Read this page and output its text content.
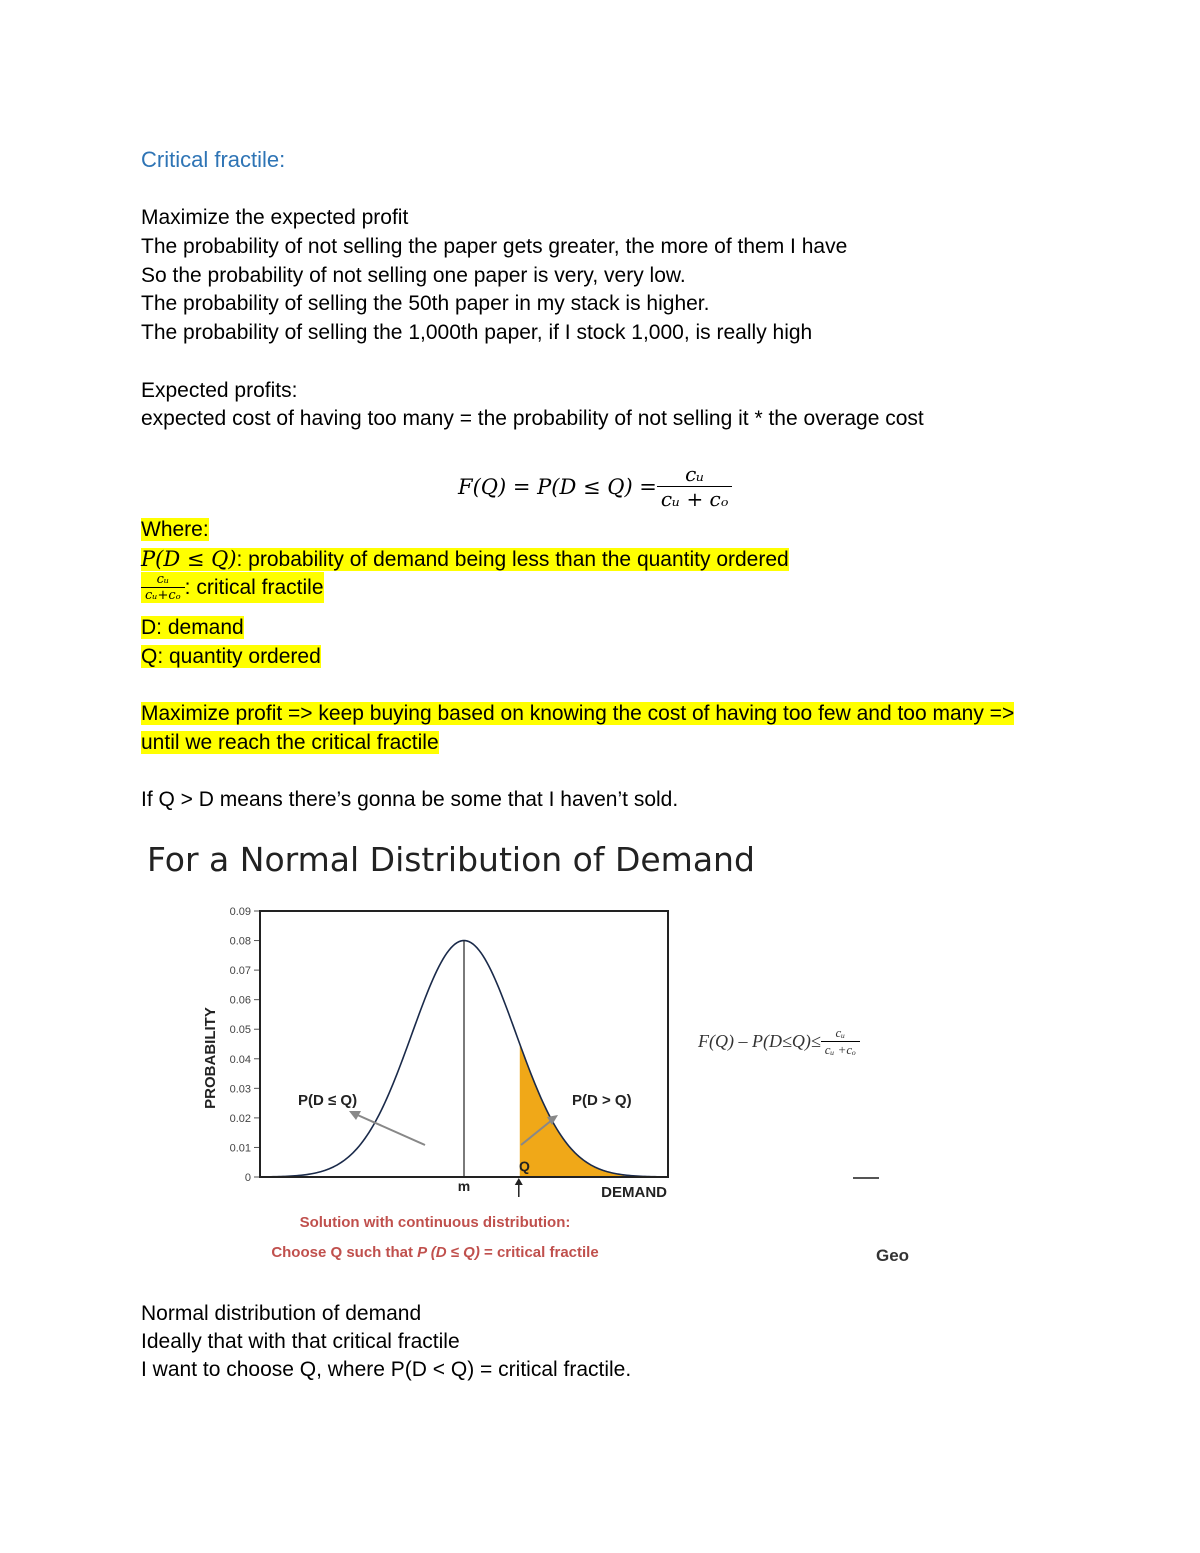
Critical fractile:
Maximize the expected profit
The probability of not selling the paper gets greater, the more of them I have
So the probability of not selling one paper is very, very low.
The probability of selling the 50th paper in my stack is higher.
The probability of selling the 1,000th paper, if I stock 1,000, is really high
Expected profits:
expected cost of having too many = the probability of not selling it * the overage cost
$F(Q) = P(D \le Q) = \frac{\text{cᵤ}}{\text{cᵤ + cₒ}}$
Where:
P(D ≤ Q): probability of demand being less than the quantity ordered
$\frac{\text{cᵤ}}{\text{cᵤ+cₒ}}$ : critical fractile
D: demand
Q: quantity ordered
Maximize profit => keep buying based on knowing the cost of having too few and too many =>
until we reach the critical fractile
If Q > D means there’s gonna be some that I haven’t sold.
For a Normal Distribution of Demand
PROBABILITY
0.09
0.08
0.07
0.06
0.05
0.04
0.03
0.02
0.01
0
P(D ≤ Q)	P(D > Q)
Q
m	DEMAND
Solution with continuous distribution:
Choose Q such that P (D ≤ Q) = critical fractile
$F(Q) - P(D\le Q)\le \frac{\text{cᵤ}}{\text{cᵤ +cₒ}}$
Geo
Normal distribution of demand
Ideally that with that critical fractile
I want to choose Q, where P(D < Q) = critical fractile.
